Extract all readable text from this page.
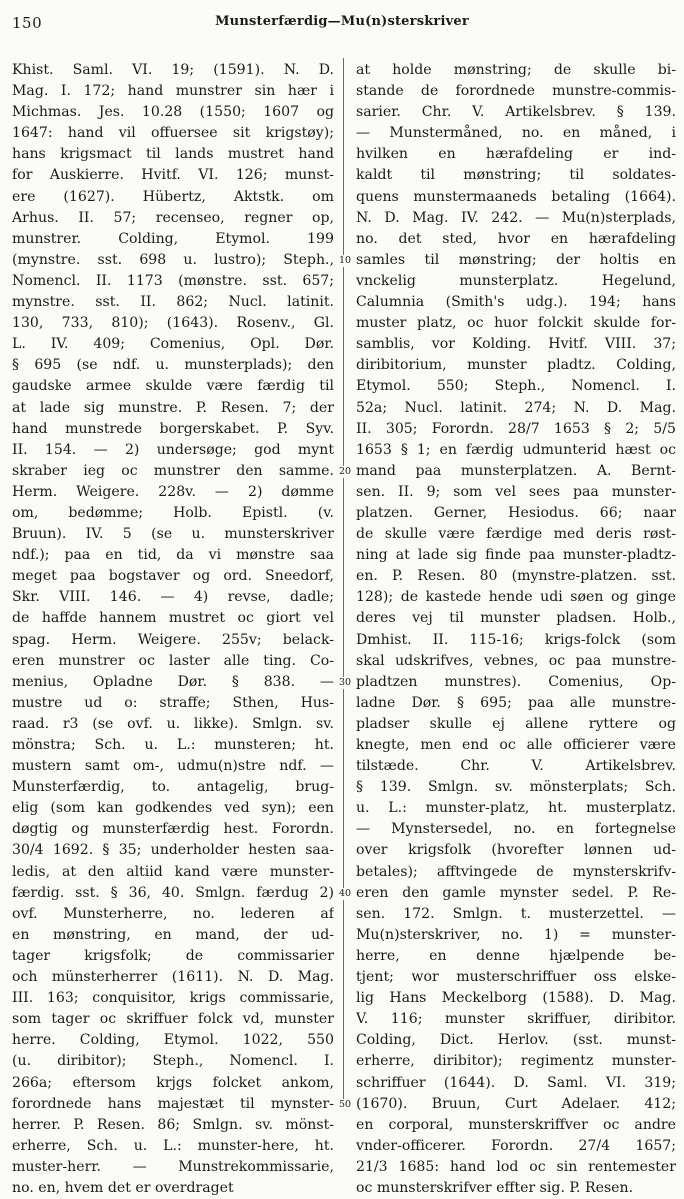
150	Munsterfærdig—Mu(n)sterskriver
Khist. Saml. VI. 19; (1591). N. D.
Mag. I. 172; hand munstrer sin hær i
Michmas. Jes. 10.28 (1550; 1607 og
1647: hand vil offuersee sit krigstøy);
hans krigsmact til lands mustret hand
for Auskierre. Hvitf. VI. 126; munst-
ere (1627). Hübertz, Aktstk. om
Arhus. II. 57; recenseo, regner op,
munstrer. Colding, Etymol. 199
(mynstre. sst. 698 u. lustro); Steph.,
Nomencl. II. 1173 (mønstre. sst. 657;
mynstre. sst. II. 862; Nucl. latinit.
130, 733, 810); (1643). Rosenv., Gl.
L. IV. 409; Comenius, Opl. Dør.
§ 695 (se ndf. u. munsterplads); den
gaudske armee skulde være færdig til
at lade sig munstre. P. Resen. 7; der
hand munstrede borgerskabet. P. Syv.
II. 154. — 2) undersøge; god mynt
skraber ieg oc munstrer den samme.
Herm. Weigere. 228v. — 2) dømme
om, bedømme; Holb. Epistl. (v.
Bruun). IV. 5 (se u. munsterskriver
ndf.); paa en tid, da vi mønstre saa
meget paa bogstaver og ord. Sneedorf,
Skr. VIII. 146. — 4) revse, dadle;
de haffde hannem mustret oc giort vel
spag. Herm. Weigere. 255v; belack-
eren munstrer oc laster alle ting. Co-
menius, Opladne Dør. § 838. —
mustre ud o: straffe; Sthen, Hus-
raad. r3 (se ovf. u. likke). Smlgn. sv.
mönstra; Sch. u. L.: munsteren; ht.
mustern samt om-, udmu(n)stre ndf. —
Munsterfærdig, to. antagelig, brug-
elig (som kan godkendes ved syn); een
døgtig og munsterfærdig hest. Forordn.
30/4 1692. § 35; underholder hesten saa-
ledis, at den altiid kand være munster-
færdig. sst. § 36, 40. Smlgn. færdug 2)
ovf. Munsterherre, no. lederen af
en mønstring, en mand, der ud-
tager krigsfolk; de commissarier
och münsterherrer (1611). N. D. Mag.
III. 163; conquisitor, krigs commissarie,
som tager oc skriffuer folck vd, munster
herre. Colding, Etymol. 1022, 550
(u. diribitor); Steph., Nomencl. I.
266a; eftersom krjgs folcket ankom,
forordnede hans majestæt til mynster-
herrer. P. Resen. 86; Smlgn. sv. mönst-
erherre, Sch. u. L.: munster-here, ht.
muster-herr. — Munstrekommissarie,
no. en, hvem det er overdraget
at holde mønstring; de skulle bi-
stande de forordnede munstre-commis-
sarier. Chr. V. Artikelsbrev. § 139.
— Munstermåned, no. en måned, i
hvilken en hærafdeling er ind-
kaldt til mønstring; til soldates-
quens munstermaaneds betaling (1664).
N. D. Mag. IV. 242. — Mu(n)sterplads,
no. det sted, hvor en hærafdeling
samles til mønstring; der holtis en
vnckelig munsterplatz. Hegelund,
Calumnia (Smith's udg.). 194; hans
muster platz, oc huor folckit skulde for-
samblis, vor Kolding. Hvitf. VIII. 37;
diribitorium, munster pladtz. Colding,
Etymol. 550; Steph., Nomencl. I.
52a; Nucl. latinit. 274; N. D. Mag.
II. 305; Forordn. 28/7 1653 § 2; 5/5
1653 § 1; en færdig udmunterid hæst oc
mand paa munsterplatzen. A. Bernt-
sen. II. 9; som vel sees paa munster-
platzen. Gerner, Hesiodus. 66; naar
de skulle være færdige med deris røst-
ning at lade sig finde paa munster-pladtz-
en. P. Resen. 80 (mynstre-platzen. sst.
128); de kastede hende udi søen og ginge
deres vej til munster pladsen. Holb.,
Dmhist. II. 115-16; krigs-folck (som
skal udskrifves, vebnes, oc paa munstre-
pladtzen munstres). Comenius, Op-
ladne Dør. § 695; paa alle munstre-
pladser skulle ej allene ryttere og
knegte, men end oc alle officierer være
tilstæde. Chr. V. Artikelsbrev.
§ 139. Smlgn. sv. mönsterplats; Sch.
u. L.: munster-platz, ht. musterplatz.
— Mynstersedel, no. en fortegnelse
over krigsfolk (hvorefter lønnen ud-
betales); afftvingede de mynsterskrifv-
eren den gamle mynster sedel. P. Re-
sen. 172. Smlgn. t. musterzettel. —
Mu(n)sterskriver, no. 1) = munster-
herre, en denne hjælpende be-
tjent; wor musterschriffuer oss elske-
lig Hans Meckelborg (1588). D. Mag.
V. 116; munster skriffuer, diribitor.
Colding, Dict. Herlov. (sst. munst-
erherre, diribitor); regimentz munster-
schriffuer (1644). D. Saml. VI. 319;
(1670). Bruun, Curt Adelaer. 412;
en corporal, munsterskriffver oc andre
vnder-officerer. Forordn. 27/4 1657;
21/3 1685: hand lod oc sin rentemester
oc munsterskrifver effter sig. P. Resen.
10
20
30
40
50
